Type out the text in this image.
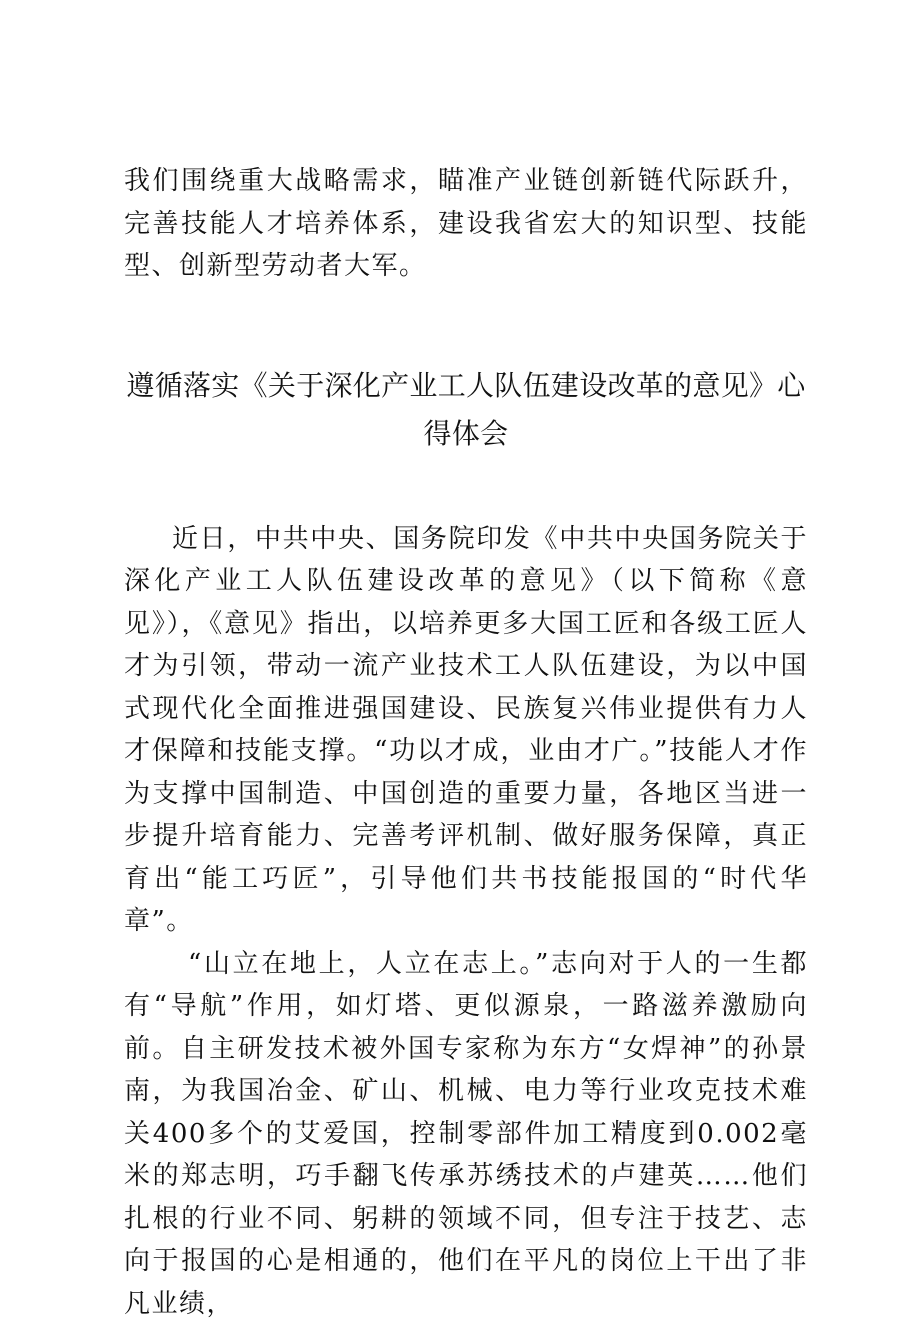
我们围绕重大战略需求，瞄准产业链创新链代际跃升，完善技能人才培养体系，建设我省宏大的知识型、技能型、创新型劳动者大军。

遵循落实《关于深化产业工人队伍建设改革的意见》心得体会

近日，中共中央、国务院印发《中共中央国务院关于深化产业工人队伍建设改革的意见》（以下简称《意见》），《意见》指出，以培养更多大国工匠和各级工匠人才为引领，带动一流产业技术工人队伍建设，为以中国式现代化全面推进强国建设、民族复兴伟业提供有力人才保障和技能支撑。“功以才成，业由才广。”技能人才作为支撑中国制造、中国创造的重要力量，各地区当进一步提升培育能力、完善考评机制、做好服务保障，真正育出“能工巧匠”，引导他们共书技能报国的“时代华章”。

“山立在地上，人立在志上。”志向对于人的一生都有“导航”作用，如灯塔、更似源泉，一路滋养激励向前。自主研发技术被外国专家称为东方“女焊神”的孙景南，为我国冶金、矿山、机械、电力等行业攻克技术难关400多个的艾爱国，控制零部件加工精度到0.002毫米的郑志明，巧手翻飞传承苏绣技术的卢建英……他们扎根的行业不同、躬耕的领域不同，但专注于技艺、志向于报国的心是相通的，他们在平凡的岗位上干出了非凡业绩，
